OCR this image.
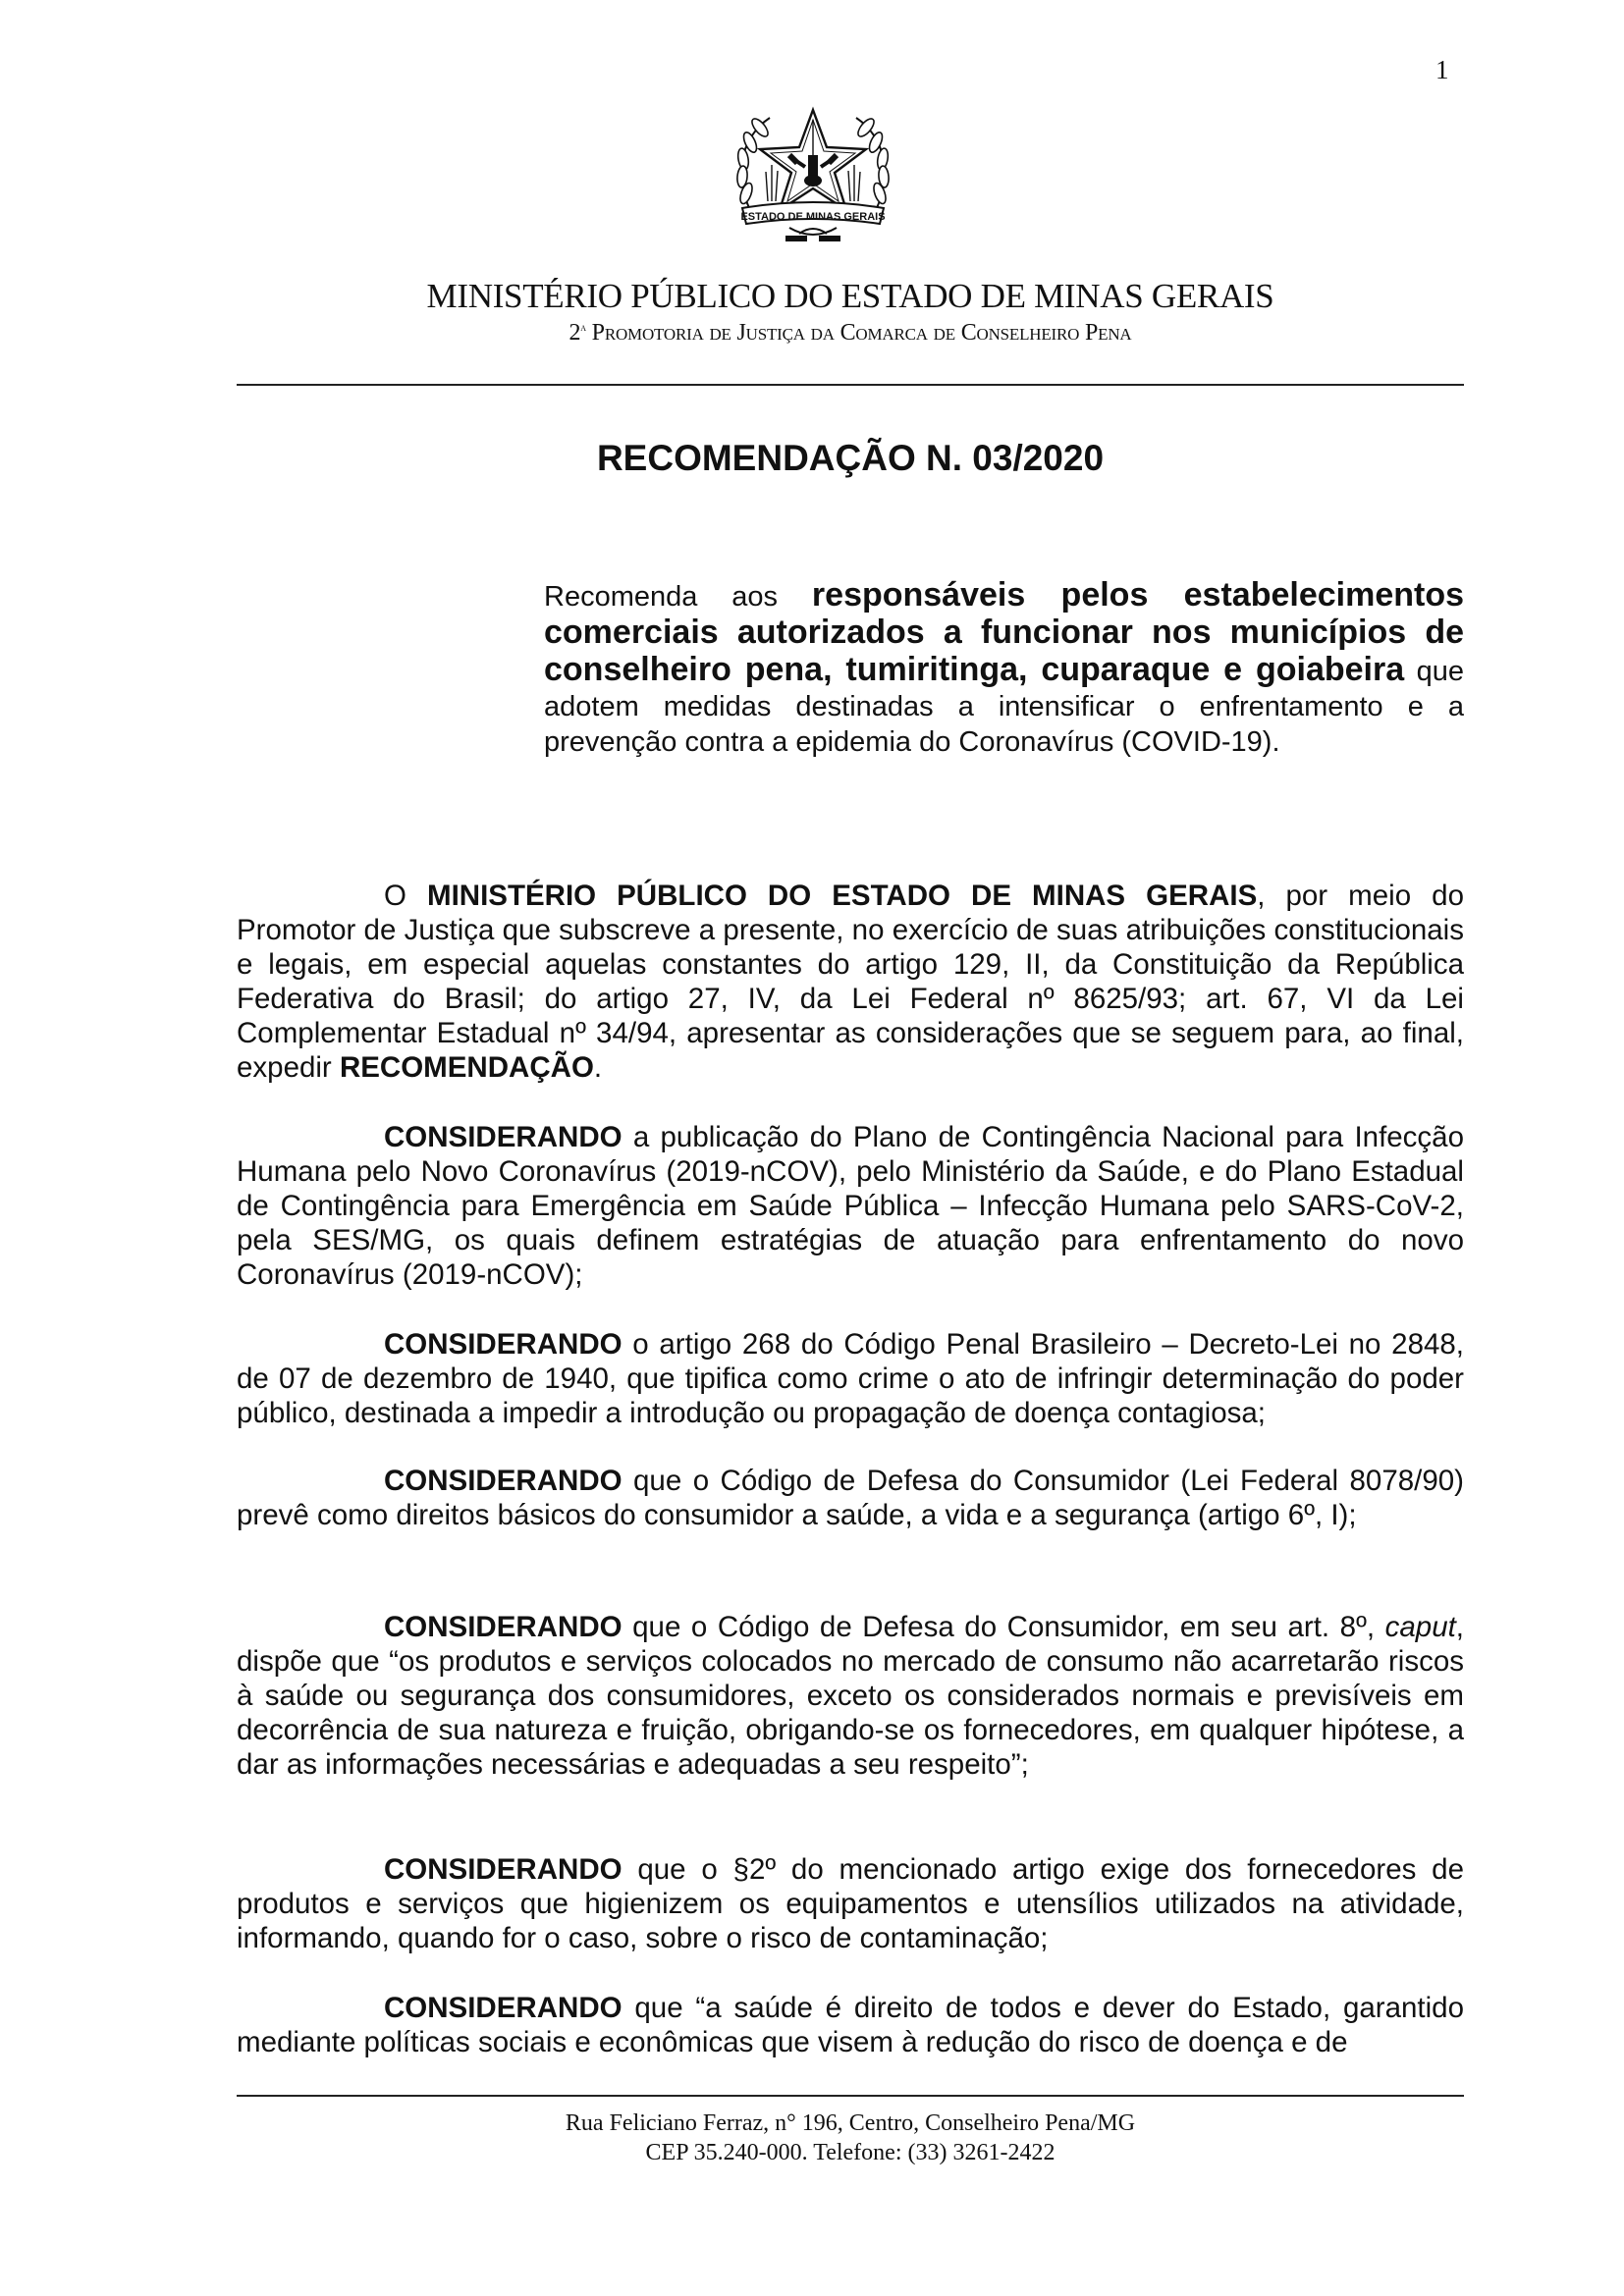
1
ESTADO DE MINAS GERAIS
MINISTÉRIO PÚBLICO DO ESTADO DE MINAS GERAIS
2$^a$ Promotoria de Justiça da Comarca de Conselheiro Pena
RECOMENDAÇÃO N. 03/2020
Recomenda aos responsáveis pelos estabelecimentos comerciais autorizados a funcionar nos municípios de conselheiro pena, tumiritinga, cuparaque e goiabeira que adotem medidas destinadas a intensificar o enfrentamento e a prevenção contra a epidemia do Coronavírus (COVID-19).
O MINISTÉRIO PÚBLICO DO ESTADO DE MINAS GERAIS, por meio do Promotor de Justiça que subscreve a presente, no exercício de suas atribuições constitucionais e legais, em especial aquelas constantes do artigo 129, II, da Constituição da República Federativa do Brasil; do artigo 27, IV, da Lei Federal nº 8625/93; art. 67, VI da Lei Complementar Estadual nº 34/94, apresentar as considerações que se seguem para, ao final, expedir RECOMENDAÇÃO.
CONSIDERANDO a publicação do Plano de Contingência Nacional para Infecção Humana pelo Novo Coronavírus (2019-nCOV), pelo Ministério da Saúde, e do Plano Estadual de Contingência para Emergência em Saúde Pública – Infecção Humana pelo SARS-CoV-2, pela SES/MG, os quais definem estratégias de atuação para enfrentamento do novo Coronavírus (2019-nCOV);
CONSIDERANDO o artigo 268 do Código Penal Brasileiro – Decreto-Lei no 2848, de 07 de dezembro de 1940, que tipifica como crime o ato de infringir determinação do poder público, destinada a impedir a introdução ou propagação de doença contagiosa;
CONSIDERANDO que o Código de Defesa do Consumidor (Lei Federal 8078/90) prevê como direitos básicos do consumidor a saúde, a vida e a segurança (artigo 6º, I);
CONSIDERANDO que o Código de Defesa do Consumidor, em seu art. 8º, caput, dispõe que “os produtos e serviços colocados no mercado de consumo não acarretarão riscos à saúde ou segurança dos consumidores, exceto os considerados normais e previsíveis em decorrência de sua natureza e fruição, obrigando-se os fornecedores, em qualquer hipótese, a dar as informações necessárias e adequadas a seu respeito”;
CONSIDERANDO que o §2º do mencionado artigo exige dos fornecedores de produtos e serviços que higienizem os equipamentos e utensílios utilizados na atividade, informando, quando for o caso, sobre o risco de contaminação;
CONSIDERANDO que “a saúde é direito de todos e dever do Estado, garantido mediante políticas sociais e econômicas que visem à redução do risco de doença e de
Rua Feliciano Ferraz, n° 196, Centro, Conselheiro Pena/MG
CEP 35.240-000. Telefone: (33) 3261-2422
